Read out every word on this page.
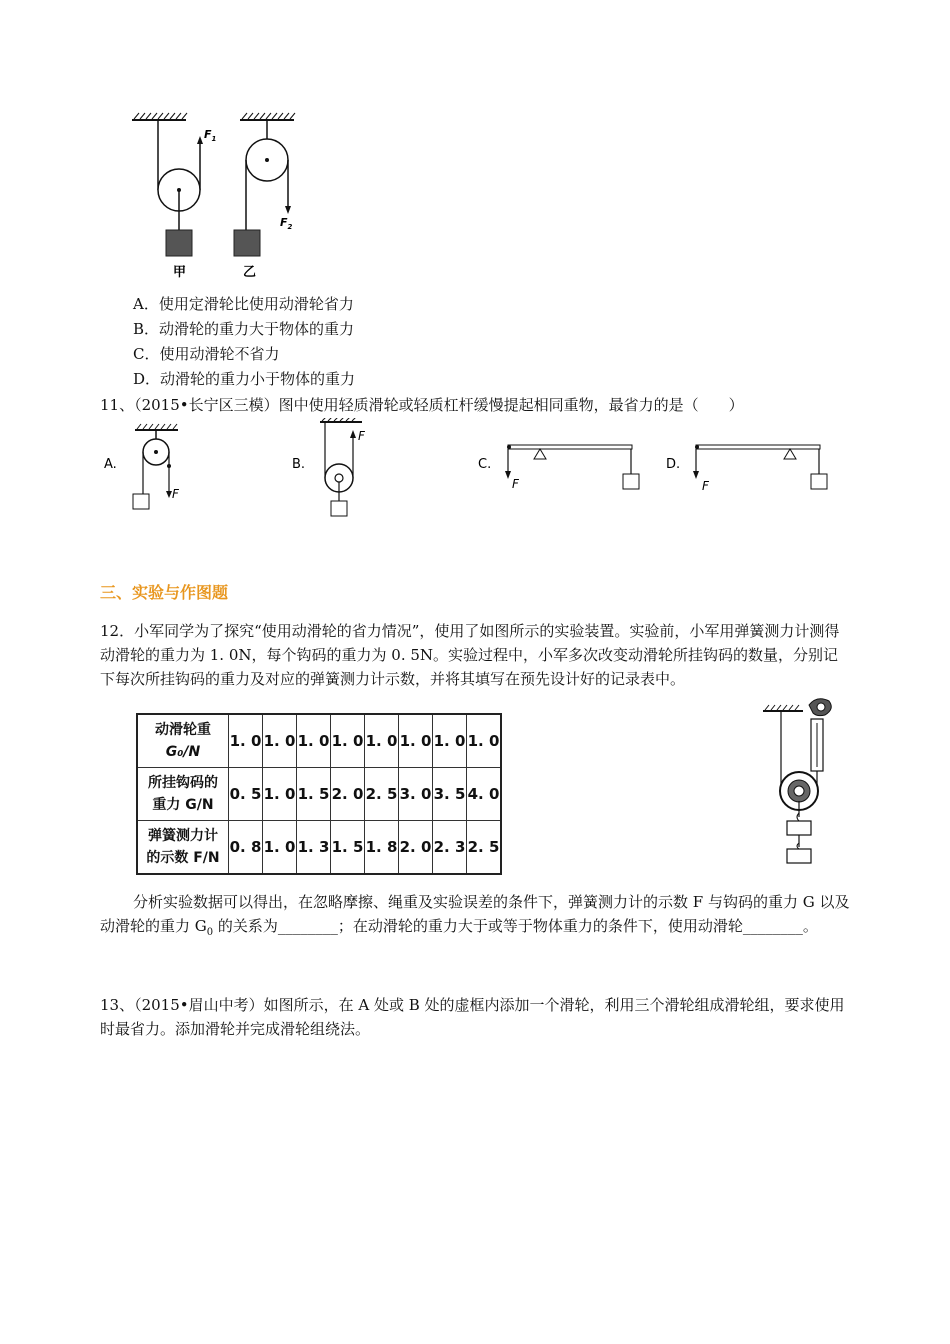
$F_1$
$F_2$
甲	乙
A．使用定滑轮比使用动滑轮省力
B．动滑轮的重力大于物体的重力
C．使用动滑轮不省力
D．动滑轮的重力小于物体的重力
11、（2015•长宁区三模）图中使用轻质滑轮或轻质杠杆缓慢提起相同重物，最省力的是（　　）
A.
F
B.
F
C.
F
D.
F
三、实验与作图题
12．小军同学为了探究“使用动滑轮的省力情况”，使用了如图所示的实验装置。实验前，小军用弹簧测力计测得动滑轮的重力为 1. 0N，每个钩码的重力为 0. 5N。实验过程中，小军多次改变动滑轮所挂钩码的数量，分别记下每次所挂钩码的重力及对应的弹簧测力计示数，并将其填写在预先设计好的记录表中。
动滑轮重
G₀/N	1. 0	1. 0	1. 0	1. 0	1. 0	1. 0	1. 0	1. 0
所挂钩码的
重力 G/N	0. 5	1. 0	1. 5	2. 0	2. 5	3. 0	3. 5	4. 0
弹簧测力计
的示数 F/N	0. 8	1. 0	1. 3	1. 5	1. 8	2. 0	2. 3	2. 5
分析实验数据可以得出，在忽略摩擦、绳重及实验误差的条件下，弹簧测力计的示数 F 与钩码的重力 G 以及动滑轮的重力 $G_0$ 的关系为________；在动滑轮的重力大于或等于物体重力的条件下，使用动滑轮________。
13、（2015•眉山中考）如图所示，在 A 处或 B 处的虚框内添加一个滑轮，利用三个滑轮组成滑轮组，要求使用时最省力。添加滑轮并完成滑轮组绕法。
